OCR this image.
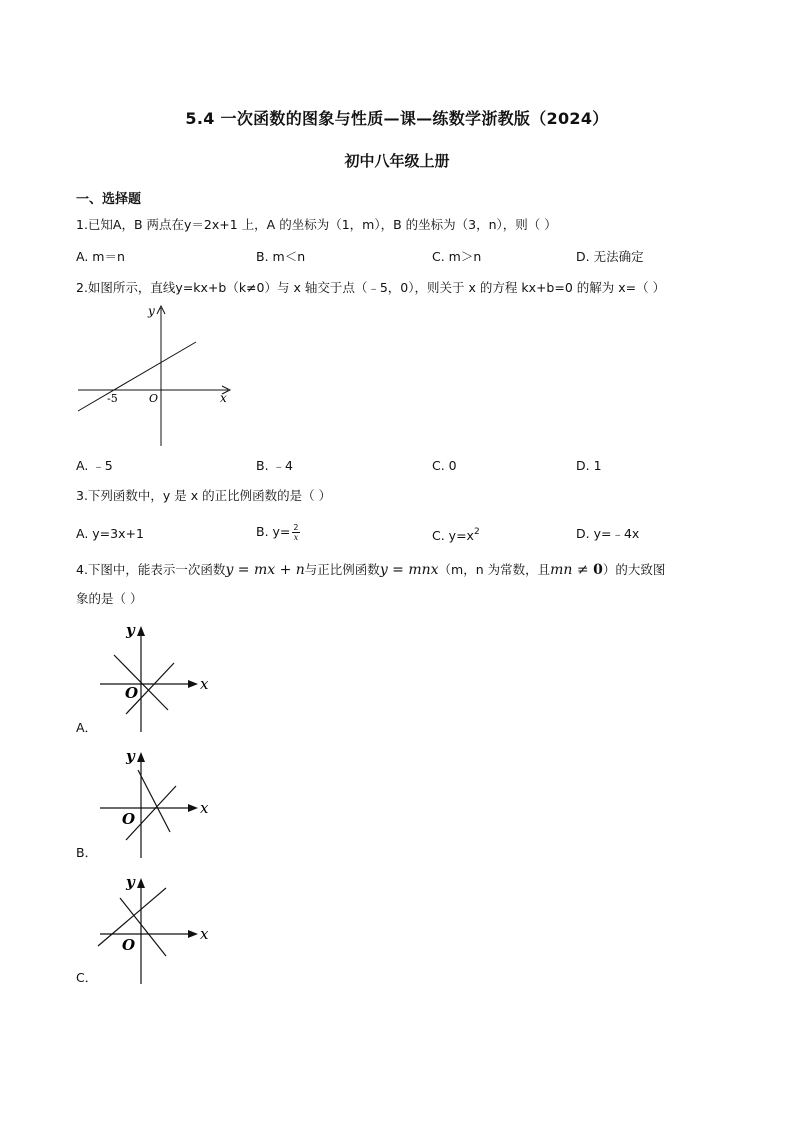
5.4 一次函数的图象与性质—课—练数学浙教版（2024）
初中八年级上册
一、选择题
1.已知A，B 两点在y＝2x+1 上，A 的坐标为（1，m），B 的坐标为（3，n），则（ ）
A. m＝n	B. m＜n	C. m＞n	D. 无法确定
2.如图所示，直线y=kx+b（k≠0）与 x 轴交于点（﹣5，0），则关于 x 的方程 kx+b=0 的解为 x=（ ）
y
x
O
-5
A. ﹣5	B. ﹣4	C. 0	D. 1
3.下列函数中，y 是 x 的正比例函数的是（ ）
A. y=3x+1	B. $y= \frac{2}{x}$	C. $y=x^2$	D. y=﹣4x
4.下图中，能表示一次函数y = mx + n与正比例函数y = mnx（m，n 为常数，且mn ≠ 0）的大致图
象的是（ ）
y
x
O
A．
y
x
O
B．
y
x
O
C．
